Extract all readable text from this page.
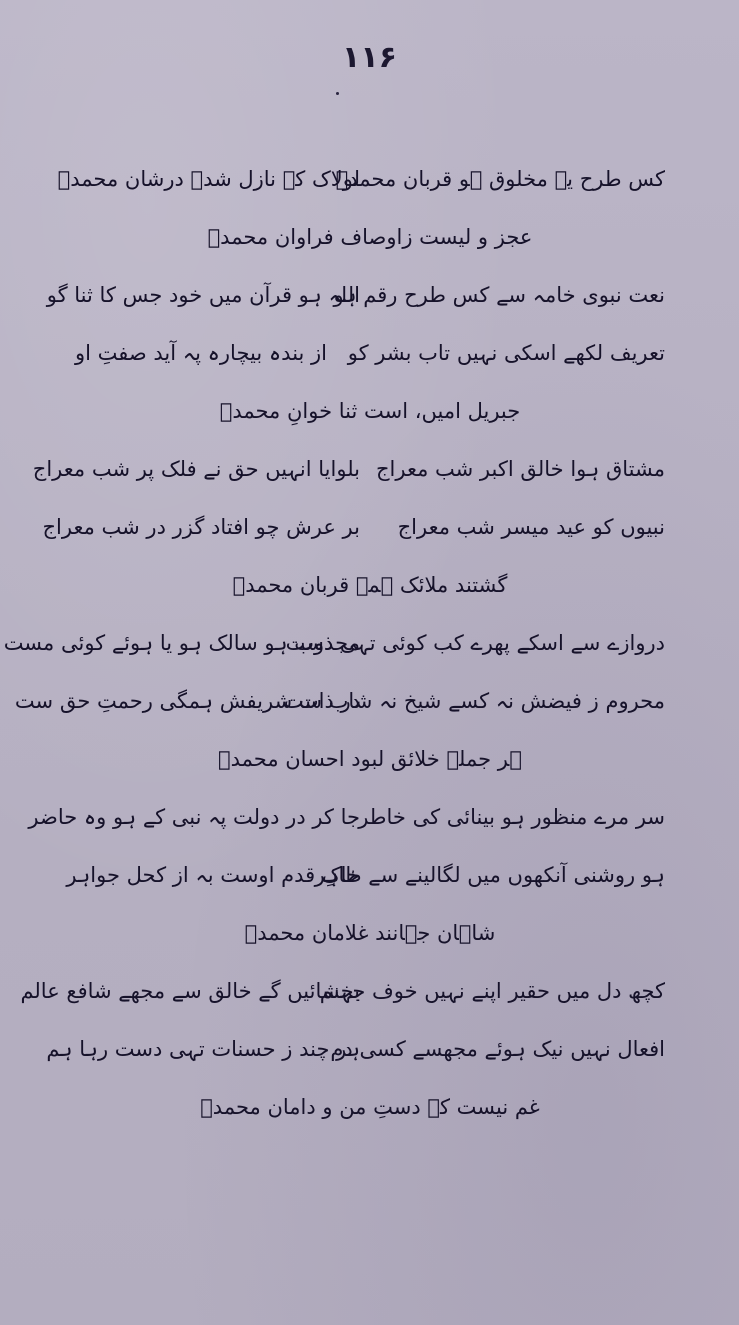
۱۱۶
کس طرح یہ مخلوق ہو قربان محمدؐ
لولاک کہ نازل شدہ درشان محمدؐ
عجز و لیست زاوصاف فراوان محمدؐ
نعت نبوی خامہ سے کس طرح رقم ہو
اللہ ہو قرآن میں خود جس کا ثنا گو
تعریف لکھے اسکی نہیں تاب بشر کو
از بندہ بیچارہ پہ آید صفتِ او
جبریل امیں، است ثنا خوانِ محمدؐ
مشتاق ہوا خالق اکبر شب معراج
بلوایا انہیں حق نے فلک پر شب معراج
نبیوں کو عید میسر شب معراج
بر عرش چو افتاد گزر در شب معراج
گشتند ملائک ہمہ قربان محمدؐ
دروازے سے اسکے پھرے کب کوئی تہی دست
مجذوب ہو سالک ہو یا ہوئے کوئی مست
محروم ز فیضش نہ کسے شیخ نہ شاب ست
در ذات شریفش ہمگی رحمتِ حق ست
ہر جملہ خلائق لبود احسان محمدؐ
سر مرے منظور ہو بینائی کی خاطر
جا کر در دولت پہ نبی کے ہو وہ حاضر
ہو روشنی آنکھوں میں لگالینے سے ظاہر
خاکِ قدم اوست بہ از کحل جواہر
شاہان جہانند غلامان محمدؐ
کچھ دل میں حقیر اپنے نہیں خوف جہنم
بخشائیں گے خالق سے مجھے شافع عالم
افعال نہیں نیک ہوئے مجھسے کسی دم
ہر چند ز حسنات تہی دست رہا ہم
غم نیست کہ دستِ من و دامان محمدؐ
